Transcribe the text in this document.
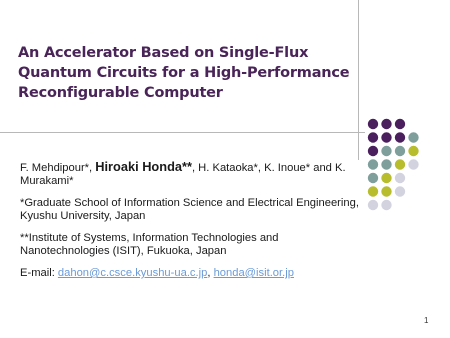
An Accelerator Based on Single-Flux
Quantum Circuits for a High-Performance
Reconfigurable Computer

F. Mehdipour*, Hiroaki Honda**, H. Kataoka*, K. Inoue* and K. Murakami*

*Graduate School of Information Science and Electrical Engineering, Kyushu University, Japan

**Institute of Systems, Information Technologies and Nanotechnologies (ISIT), Fukuoka, Japan

E-mail: dahon@c.csce.kyushu-ua.c.jp, honda@isit.or.jp

1
